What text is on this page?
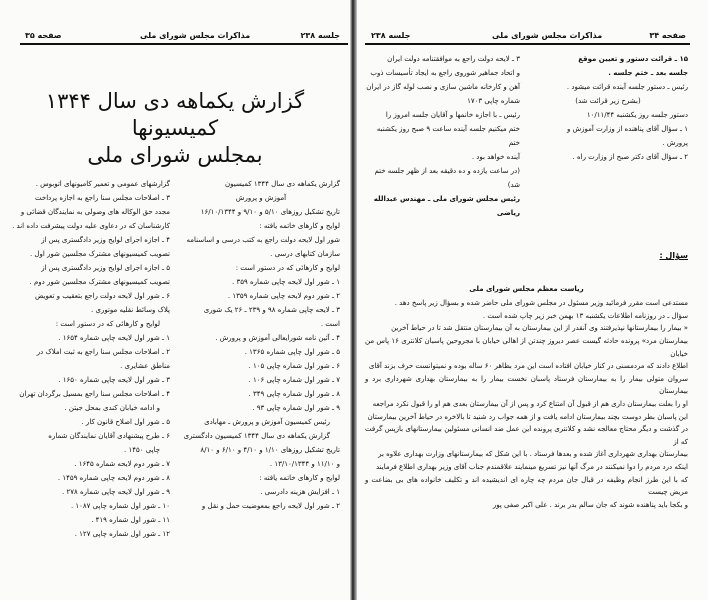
صفحه ۳۵	مذاکرات مجلس شورای ملی	جلسه ۲۳۸
گزارش یکماهه دی سال ۱۳۴۴ کمیسیونها
بمجلس شورای ملی
گزارش یکماهه دی سال ۱۳۴۴ کمیسیون
آموزش و پرورش
تاریخ تشکیل روزهای ۵/۱۰ و ۹/۱۰ و ۱۶/۱۰/۱۳۴۴
لوایح و کارهای خاتمه یافته :
شور اول لایحه دولت راجع به کتب درسی و اساسنامه
سازمان کتابهای درسی .
لوایح و کارهائی که در دستور است :
۱ ـ شور اول لایحه چاپی شماره ۳۵۹ .
۲ ـ شور دوم لایحه چاپی شماره ۱۳۵۹ .
۳ ـ لایحه چاپی شماره ۹۸ و ۲۳۹ ـ ۲۶ یک شوری
است .
۴ ـ آئین نامه شورایعالی آموزش و پرورش .
۵ ـ شور اول چاپی شماره ۱۳۶۵ .
۶ ـ شور اول شماره چاپی ۱۰۵ .
۷ ـ شور اول شماره چاپی ۱۰۶ .
۸ ـ شور اول شماره چاپی ۳۴۹ .
۹ ـ شور اول شماره چاپی ۹۳ .
رئیس کمیسیون آموزش و پرورش ـ مهابادی
گزارش یکماهه دی سال ۱۳۴۴ کمیسیون دادگستری
تاریخ تشکیل روزهای ۱/۱۰ و ۴/۱۰ و ۶/۱۰ و ۸/۱۰
و ۱۱/۱۰ و ۱۳/۱۰/۱۳۴۴ .
لوایح و کارهای خاتمه یافته :
۱ ـ افزایش هزینه دادرسی .
۲ ـ شور اول لایحه راجع بمعوضیت حمل و نقل و
گزارشهای عمومی و تعمیر کامیونهای اتوبوس .
۳ ـ اصلاحات مجلس سنا راجع به اجازه پرداخت
مجدد حق الوکاله های وصولی به نمایندگان قضائی و
کارشناسان که در دعاوی علیه دولت پیشرفت داده اند .
۴ ـ اجازه اجرای لوایح وزیر دادگستری پس از
تصویب کمیسیونهای مشترک مجلسین شور اول .
۵ ـ اجازه اجرای لوایح وزیر دادگستری پس از
تصویب کمیسیونهای مشترک مجلسین شور دوم .
۶ ـ شور اول لایحه دولت راجع بتعقیب و تعویض
پلاک وسائط نقلیه موتوری .
لوایح و کارهائی که در دستور است :
۱ ـ شور اول لایحه چاپی شماره ۱۶۵۴ .
۲ ـ اصلاحات مجلس سنا راجع به ثبت املاک در
مناطق عشایری .
۳ ـ شور اول لایحه چاپی شماره ۱۶۵۰ .
۴ ـ اصلاحات مجلس سنا راجع بمسیل برگردان تهران
و ادامه خیابان کندی بمحل جیتن .
۵ ـ شور اول اصلاح قانون کار .
۶ ـ طرح پیشنهادی آقایان نمایندگان شماره
چاپی ۱۴۵۰ .
۷ ـ شور دوم لایحه شماره ۱۶۴۵ .
۸ ـ شور دوم لایحه چاپی شماره ۱۴۵۹ .
۹ ـ شور اول لایحه چاپی شماره ۲۷۸ .
۱۰ ـ شور اول شماره چاپی ۱۰۸۷ .
۱۱ ـ شور اول شماره ۴۱۹ .
۱۲ ـ شور اول شماره چاپی ۱۲۷ .
جلسه ۲۳۸	مذاکرات مجلس شورای ملی	صفحه ۳۴
۱۵ ـ قرائت دستور و تعیین موقع
جلسه بعد ـ ختم جلسه .
رئیس ـ دستور جلسه آینده قرائت میشود .
(بشرح زیر قرائت شد)
دستور جلسه روز یکشنبه ۱۰/۱۱/۴۴
۱ ـ سؤال آقای پناهنده از وزارت آموزش و
پرورش .
۲ ـ سؤال آقای دکتر صبح از وزارت راه .
۳ ـ لایحه دولت راجع به موافقتنامه دولت ایران
و اتحاد جماهیر شوروی راجع به ایجاد تأسیسات ذوب
آهن و کارخانه ماشین سازی و نصب لوله گاز در ایران
شماره چاپی ۱۷۰۳
رئیس ـ با اجازه خانمها و آقایان جلسه امروز را
ختم میکنیم جلسه آینده ساعت ۹ صبح روز یکشنبه ختم
آینده خواهد بود .
(در ساعت یازده و ده دقیقه بعد از ظهر جلسه ختم شد)
رئیس مجلس شورای ملی ـ مهندس عبدالله ریاضی
سؤال :
ریاست معظم مجلس شورای ملی
مستدعی است مقرر فرمائید وزیر مسئول در مجلس شورای ملی حاضر شده و بسؤال زیر پاسخ دهد .
سؤال ـ در روزنامه اطلاعات یکشنبه ۱۳ بهمن خبر زیر چاپ شده است .
« بیمار را بیمارستانها نپذیرفتند وی آنقدر از این بیمارستان به آن بیمارستان منتقل شد تا در حیاط آخرین
بیمارستان مرد» پرونده حادثه گیست عصر دیروز چندتن از اهالی خیابان با مجروحین پاسبان کلانتری ۱۶ پاس من خیابان
اطلاع دادند که مردمسنی در کنار خیابان افتاده است این مرد بظاهر ۶۰ ساله بوده و نمیتوانست حرف بزند آقای
سروان متولی بیمار را به بیمارستان فرستاد پاسبان نخست بیمار را به بیمارستان بهداری شهرداری برد و بیمارستان
او را بعلت بیمارستان داری هم از قبول آن امتناع کرد و پس از آن بیمارستان بعدی هم او را قبول نکرد مراجعه
این پاسبان بطر دوست بچند بیمارستان ادامه یافت و از همه جواب رد شنید تا بالاخره در حیاط آخرین بیمارستان
در گذشت و دیگر محتاج معالجه نشد و کلانتری پرونده این عمل ضد انسانی مسئولین بیمارستانهای بازپس گرفت که از
بیمارستان بهداری شهرداری آغاز شده و بعدها فرستاد . با این شکل که بیمارستانهای وزارت بهداری علاوه بر
اینکه درد مردم را دوا نمیکنند در مرگ آنها نیز تسریع مینمایند علاقمندم جناب آقای وزیر بهداری اطلاع فرمایند
که با این طرز انجام وظیفه در قبال جان مردم چه چاره ای اندیشیده اند و تکلیف خانواده های بی بضاعت و مریض چیست
و بکجا باید پناهنده شوند که جان سالم بدر برند . علی اکبر صفی پور
